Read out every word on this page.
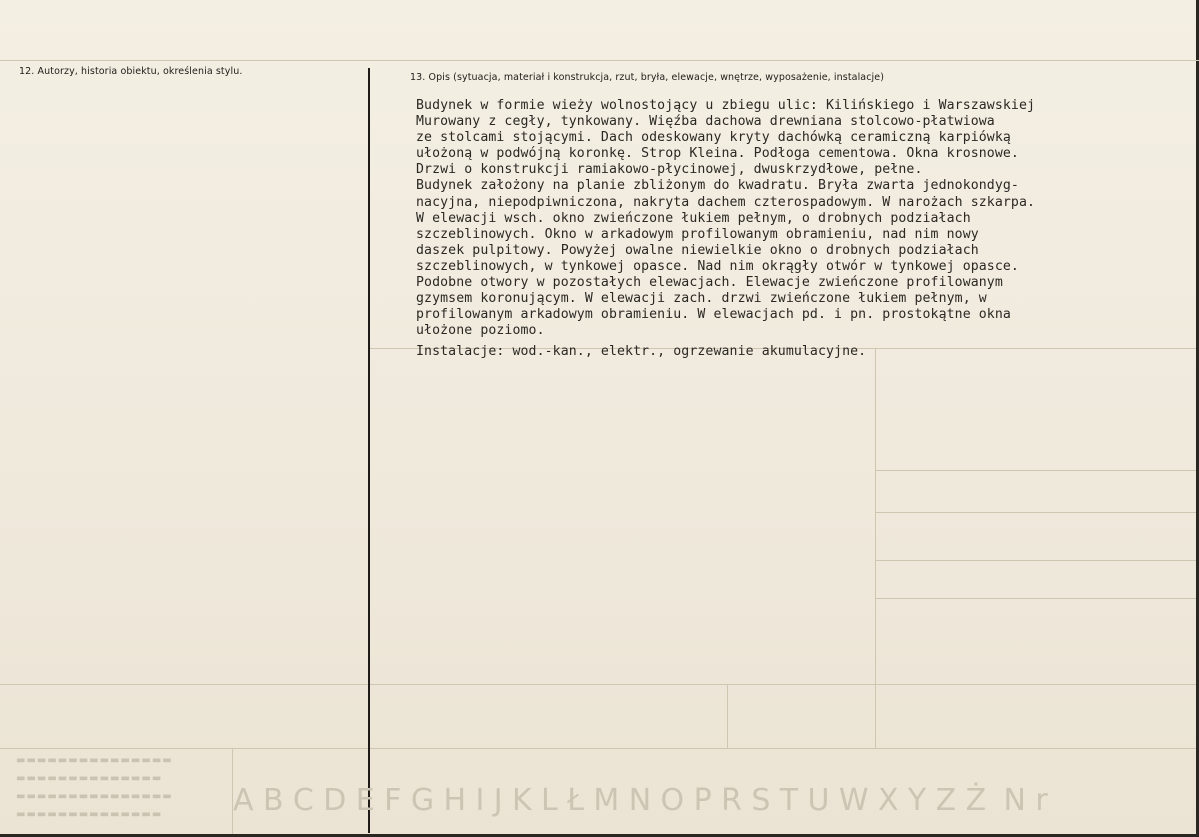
12. Autorzy, historia obiektu, określenia stylu.
13. Opis (sytuacja, materiał i konstrukcja, rzut, bryła, elewacje, wnętrze, wyposażenie, instalacje)

Budynek w formie wieży wolnostojący u zbiegu ulic: Kilińskiego i Warszawskiej

Murowany z cegły, tynkowany. Więźba dachowa drewniana stolcowo-płatwiowa

ze stolcami stojącymi. Dach odeskowany kryty dachówką ceramiczną karpiówką

ułożoną w podwójną koronkę. Strop Kleina. Podłoga cementowa. Okna krosnowe.

Drzwi o konstrukcji ramiakowo-płycinowej, dwuskrzydłowe, pełne.

Budynek założony na planie zbliżonym do kwadratu. Bryła zwarta jednokondyg-

nacyjna, niepodpiwniczona, nakryta dachem czterospadowym. W narożach szkarpa.

W elewacji wsch. okno zwieńczone łukiem pełnym, o drobnych podziałach

szczeblinowych. Okno w arkadowym profilowanym obramieniu, nad nim nowy

daszek pulpitowy. Powyżej owalne niewielkie okno o drobnych podziałach

szczeblinowych, w tynkowej opasce. Nad nim okrągły otwór w tynkowej opasce.

Podobne otwory w pozostałych elewacjach. Elewacje zwieńczone profilowanym

gzymsem koronującym. W elewacji zach. drzwi zwieńczone łukiem pełnym, w

profilowanym arkadowym obramieniu. W elewacjach pd. i pn. prostokątne okna

ułożone poziomo.

Instalacje: wod.-kan., elektr., ogrzewanie akumulacyjne.

▬▬▬▬▬▬▬▬▬▬▬▬▬▬▬
▬▬▬▬▬▬▬▬▬▬▬▬▬▬
▬▬▬▬▬▬▬▬▬▬▬▬▬▬▬
▬▬▬▬▬▬▬▬▬▬▬▬▬▬ A B C D E F G H I J K L Ł M N O P R S T U W X Y Z Ż Nr
